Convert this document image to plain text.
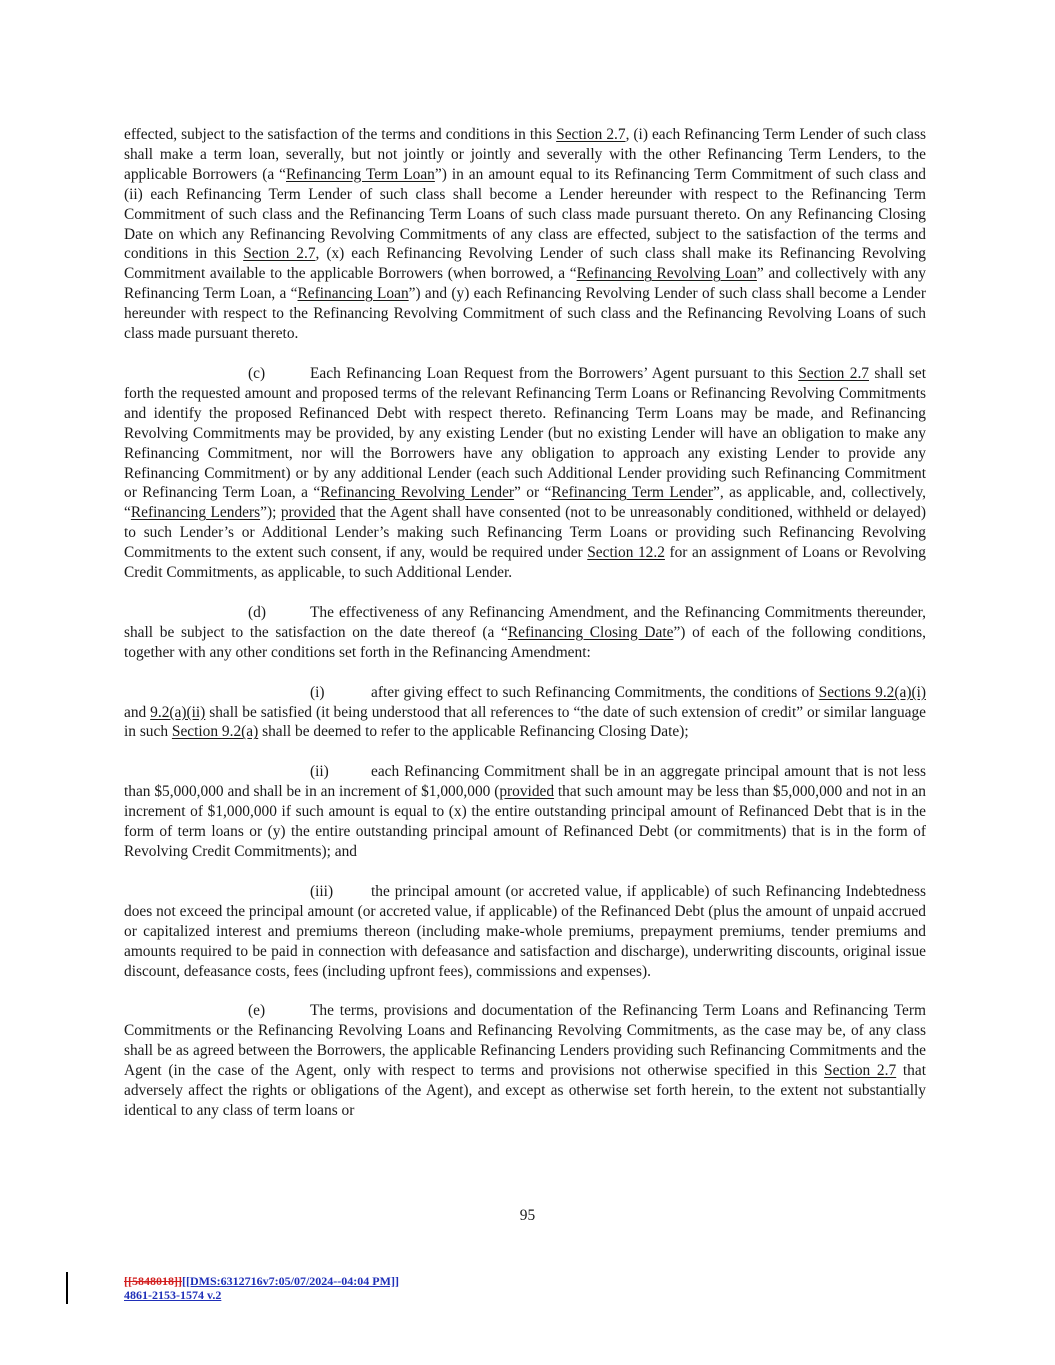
effected, subject to the satisfaction of the terms and conditions in this Section 2.7, (i) each Refinancing Term Lender of such class shall make a term loan, severally, but not jointly or jointly and severally with the other Refinancing Term Lenders, to the applicable Borrowers (a “Refinancing Term Loan”) in an amount equal to its Refinancing Term Commitment of such class and (ii) each Refinancing Term Lender of such class shall become a Lender hereunder with respect to the Refinancing Term Commitment of such class and the Refinancing Term Loans of such class made pursuant thereto. On any Refinancing Closing Date on which any Refinancing Revolving Commitments of any class are effected, subject to the satisfaction of the terms and conditions in this Section 2.7, (x) each Refinancing Revolving Lender of such class shall make its Refinancing Revolving Commitment available to the applicable Borrowers (when borrowed, a “Refinancing Revolving Loan” and collectively with any Refinancing Term Loan, a “Refinancing Loan”) and (y) each Refinancing Revolving Lender of such class shall become a Lender hereunder with respect to the Refinancing Revolving Commitment of such class and the Refinancing Revolving Loans of such class made pursuant thereto.

(c)	Each Refinancing Loan Request from the Borrowers’ Agent pursuant to this Section 2.7 shall set forth the requested amount and proposed terms of the relevant Refinancing Term Loans or Refinancing Revolving Commitments and identify the proposed Refinanced Debt with respect thereto. Refinancing Term Loans may be made, and Refinancing Revolving Commitments may be provided, by any existing Lender (but no existing Lender will have an obligation to make any Refinancing Commitment, nor will the Borrowers have any obligation to approach any existing Lender to provide any Refinancing Commitment) or by any additional Lender (each such Additional Lender providing such Refinancing Commitment or Refinancing Term Loan, a “Refinancing Revolving Lender” or “Refinancing Term Lender”, as applicable, and, collectively, “Refinancing Lenders”); provided that the Agent shall have consented (not to be unreasonably conditioned, withheld or delayed) to such Lender’s or Additional Lender’s making such Refinancing Term Loans or providing such Refinancing Revolving Commitments to the extent such consent, if any, would be required under Section 12.2 for an assignment of Loans or Revolving Credit Commitments, as applicable, to such Additional Lender.

(d)	The effectiveness of any Refinancing Amendment, and the Refinancing Commitments thereunder, shall be subject to the satisfaction on the date thereof (a “Refinancing Closing Date”) of each of the following conditions, together with any other conditions set forth in the Refinancing Amendment:

(i)	after giving effect to such Refinancing Commitments, the conditions of Sections 9.2(a)(i) and 9.2(a)(ii) shall be satisfied (it being understood that all references to “the date of such extension of credit” or similar language in such Section 9.2(a) shall be deemed to refer to the applicable Refinancing Closing Date);

(ii)	each Refinancing Commitment shall be in an aggregate principal amount that is not less than $5,000,000 and shall be in an increment of $1,000,000 (provided that such amount may be less than $5,000,000 and not in an increment of $1,000,000 if such amount is equal to (x) the entire outstanding principal amount of Refinanced Debt that is in the form of term loans or (y) the entire outstanding principal amount of Refinanced Debt (or commitments) that is in the form of Revolving Credit Commitments); and

(iii) the principal amount (or accreted value, if applicable) of such Refinancing Indebtedness does not exceed the principal amount (or accreted value, if applicable) of the Refinanced Debt (plus the amount of unpaid accrued or capitalized interest and premiums thereon (including make-whole premiums, prepayment premiums, tender premiums and amounts required to be paid in connection with defeasance and satisfaction and discharge), underwriting discounts, original issue discount, defeasance costs, fees (including upfront fees), commissions and expenses).

(e)	The terms, provisions and documentation of the Refinancing Term Loans and Refinancing Term Commitments or the Refinancing Revolving Loans and Refinancing Revolving Commitments, as the case may be, of any class shall be as agreed between the Borrowers, the applicable Refinancing Lenders providing such Refinancing Commitments and the Agent (in the case of the Agent, only with respect to terms and provisions not otherwise specified in this Section 2.7 that adversely affect the rights or obligations of the Agent), and except as otherwise set forth herein, to the extent not substantially identical to any class of term loans or

95
[[5848018]][[DMS:6312716v7:05/07/2024--04:04 PM]]
4861-2153-1574 v.2
